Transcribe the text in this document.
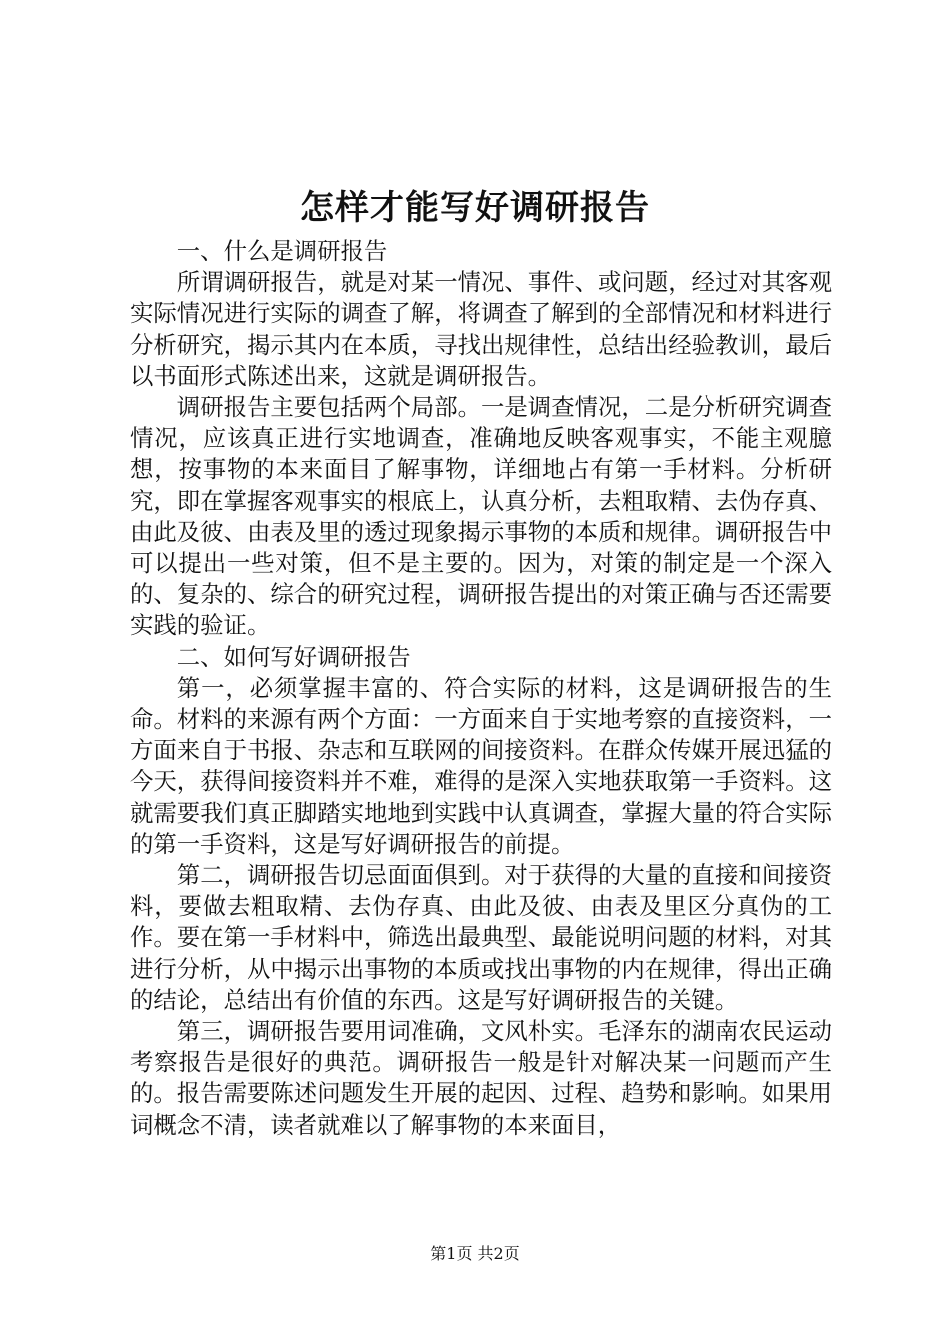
怎样才能写好调研报告

一、什么是调研报告

所谓调研报告，就是对某一情况、事件、或问题，经过对其客观实际情况进行实际的调查了解，将调查了解到的全部情况和材料进行分析研究，揭示其内在本质，寻找出规律性，总结出经验教训，最后以书面形式陈述出来，这就是调研报告。

调研报告主要包括两个局部。一是调查情况，二是分析研究调查情况，应该真正进行实地调查，准确地反映客观事实，不能主观臆想，按事物的本来面目了解事物，详细地占有第一手材料。分析研究，即在掌握客观事实的根底上，认真分析，去粗取精、去伪存真、由此及彼、由表及里的透过现象揭示事物的本质和规律。调研报告中可以提出一些对策，但不是主要的。因为，对策的制定是一个深入的、复杂的、综合的研究过程，调研报告提出的对策正确与否还需要实践的验证。

二、如何写好调研报告

第一，必须掌握丰富的、符合实际的材料，这是调研报告的生命。材料的来源有两个方面：一方面来自于实地考察的直接资料，一方面来自于书报、杂志和互联网的间接资料。在群众传媒开展迅猛的今天，获得间接资料并不难，难得的是深入实地获取第一手资料。这就需要我们真正脚踏实地地到实践中认真调查，掌握大量的符合实际的第一手资料，这是写好调研报告的前提。

第二，调研报告切忌面面俱到。对于获得的大量的直接和间接资料，要做去粗取精、去伪存真、由此及彼、由表及里区分真伪的工作。要在第一手材料中，筛选出最典型、最能说明问题的材料，对其进行分析，从中揭示出事物的本质或找出事物的内在规律，得出正确的结论，总结出有价值的东西。这是写好调研报告的关键。

第三，调研报告要用词准确，文风朴实。毛泽东的湖南农民运动考察报告是很好的典范。调研报告一般是针对解决某一问题而产生的。报告需要陈述问题发生开展的起因、过程、趋势和影响。如果用词概念不清，读者就难以了解事物的本来面目，

第1页 共2页
